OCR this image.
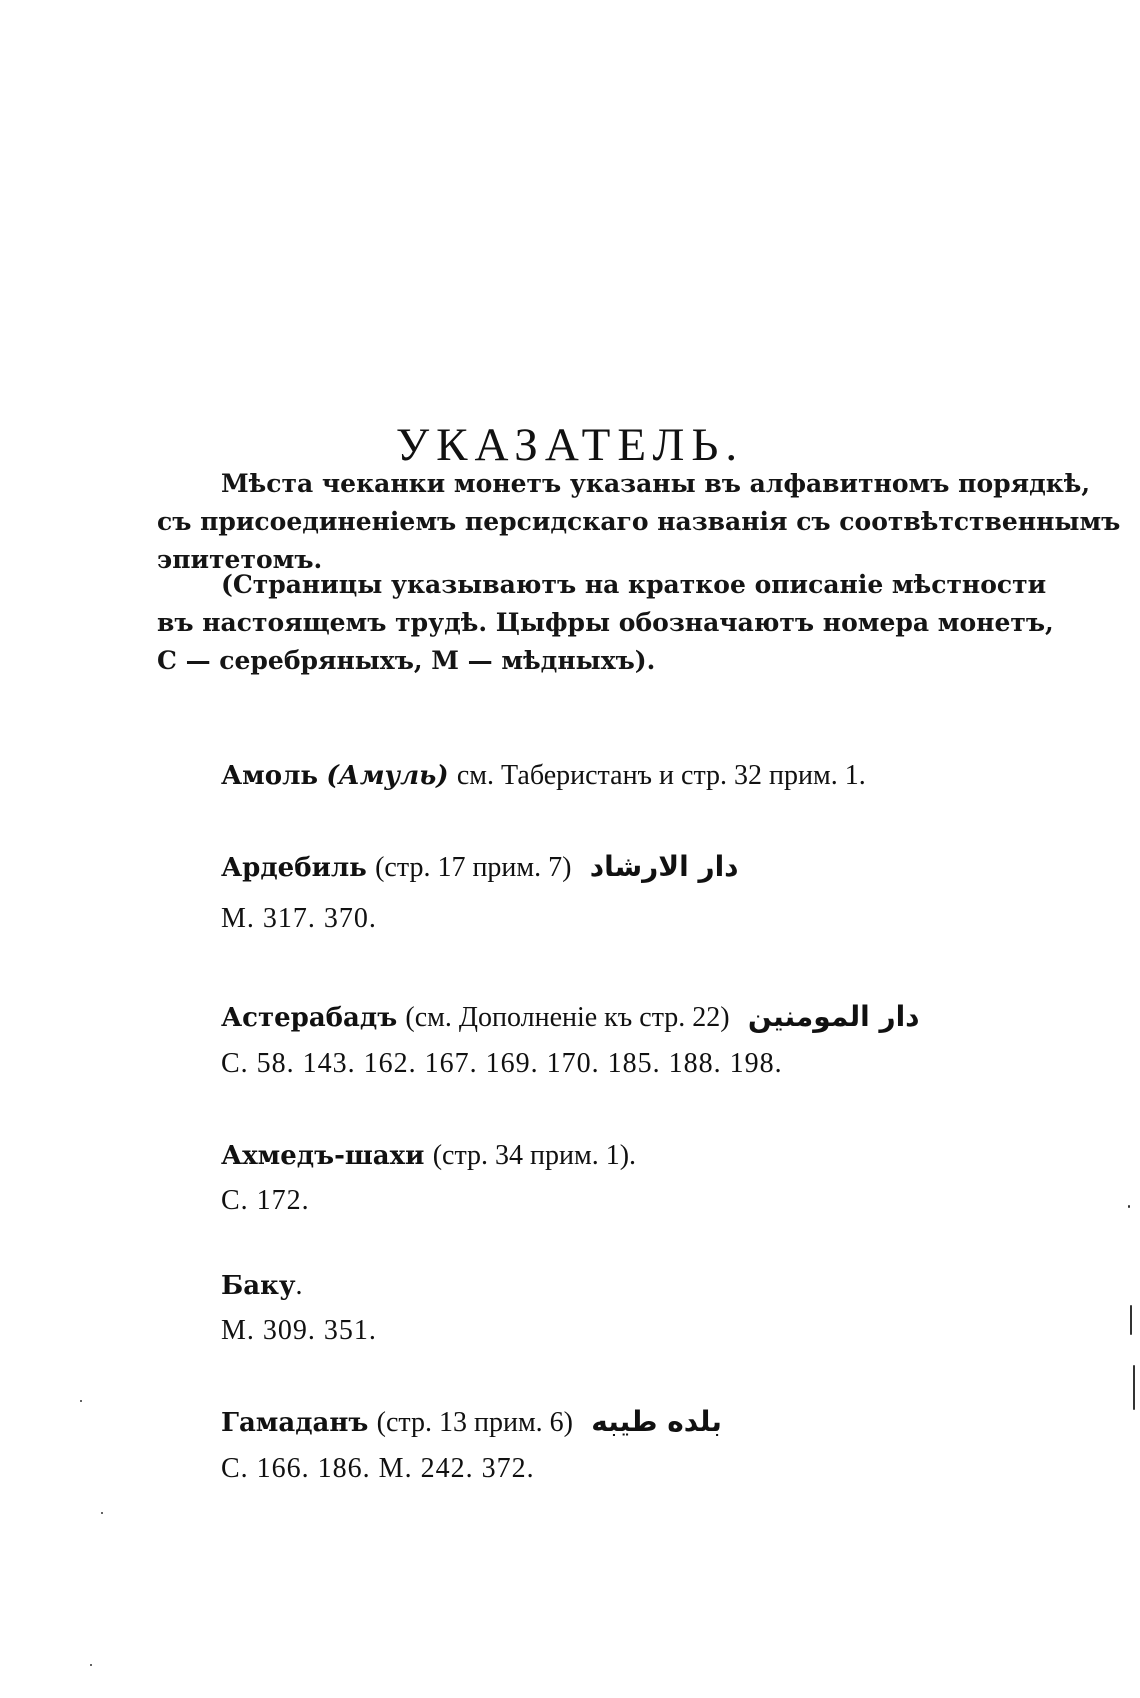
УКАЗАТЕЛЬ.
Мѣста чеканки монетъ указаны въ алфавитномъ порядкѣ,
съ присоединеніемъ персидскаго названія съ соотвѣтственнымъ
эпитетомъ.
(Страницы указываютъ на краткое описаніе мѣстности
въ настоящемъ трудѣ. Цыфры обозначаютъ номера монетъ,
С — серебряныхъ, М — мѣдныхъ).
Амоль (Амуль) см. Таберистанъ и стр. 32 прим. 1.
Ардебиль (стр. 17 прим. 7) دار الارشاد
М. 317. 370.
Астерабадъ (см. Дополненіе къ стр. 22) دار المومنين
С. 58. 143. 162. 167. 169. 170. 185. 188. 198.
Ахмедъ-шахи (стр. 34 прим. 1).
С. 172.
Баку.
М. 309. 351.
Гамаданъ (стр. 13 прим. 6) بلده طيبه
С. 166. 186. М. 242. 372.
